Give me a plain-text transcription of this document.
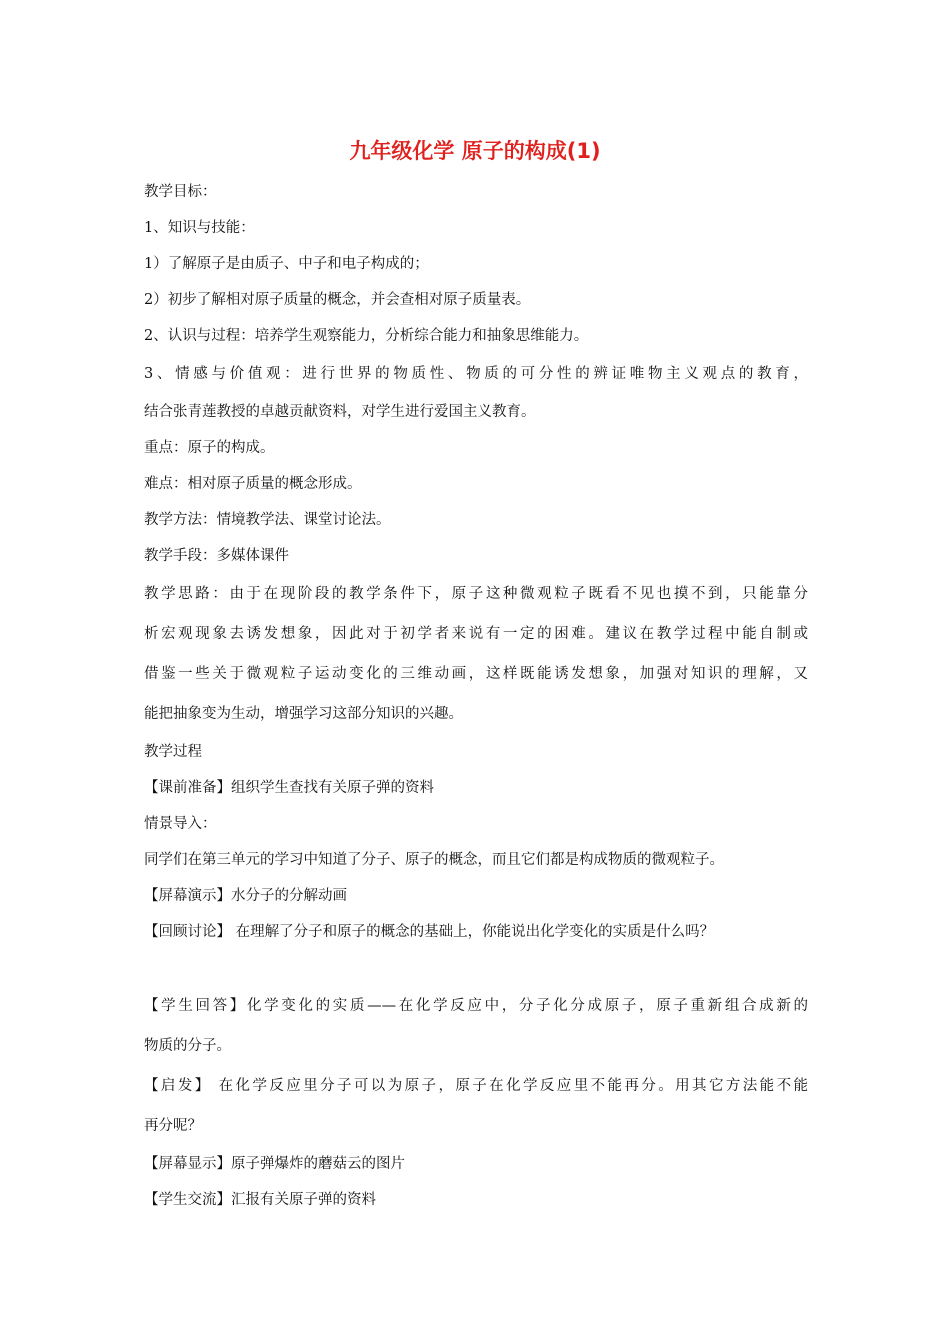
九年级化学 原子的构成(1)
教学目标：
1、知识与技能：
1）了解原子是由质子、中子和电子构成的；
2）初步了解相对原子质量的概念，并会查相对原子质量表。
2、认识与过程：培养学生观察能力，分析综合能力和抽象思维能力。
3、情感与价值观：进行世界的物质性、物质的可分性的辨证唯物主义观点的教育，
结合张青莲教授的卓越贡献资料，对学生进行爱国主义教育。
重点：原子的构成。
难点：相对原子质量的概念形成。
教学方法：情境教学法、课堂讨论法。
教学手段：多媒体课件
教学思路：由于在现阶段的教学条件下，原子这种微观粒子既看不见也摸不到，只能靠分
析宏观现象去诱发想象，因此对于初学者来说有一定的困难。建议在教学过程中能自制或
借鉴一些关于微观粒子运动变化的三维动画，这样既能诱发想象，加强对知识的理解，又
能把抽象变为生动，增强学习这部分知识的兴趣。
教学过程
【课前准备】组织学生查找有关原子弹的资料
情景导入：
同学们在第三单元的学习中知道了分子、原子的概念，而且它们都是构成物质的微观粒子。
【屏幕演示】水分子的分解动画
【回顾讨论】 在理解了分子和原子的概念的基础上，你能说出化学变化的实质是什么吗？
【学生回答】化学变化的实质——在化学反应中，分子化分成原子，原子重新组合成新的
物质的分子。
【启发】 在化学反应里分子可以为原子，原子在化学反应里不能再分。用其它方法能不能
再分呢？
【屏幕显示】原子弹爆炸的蘑菇云的图片
【学生交流】汇报有关原子弹的资料
